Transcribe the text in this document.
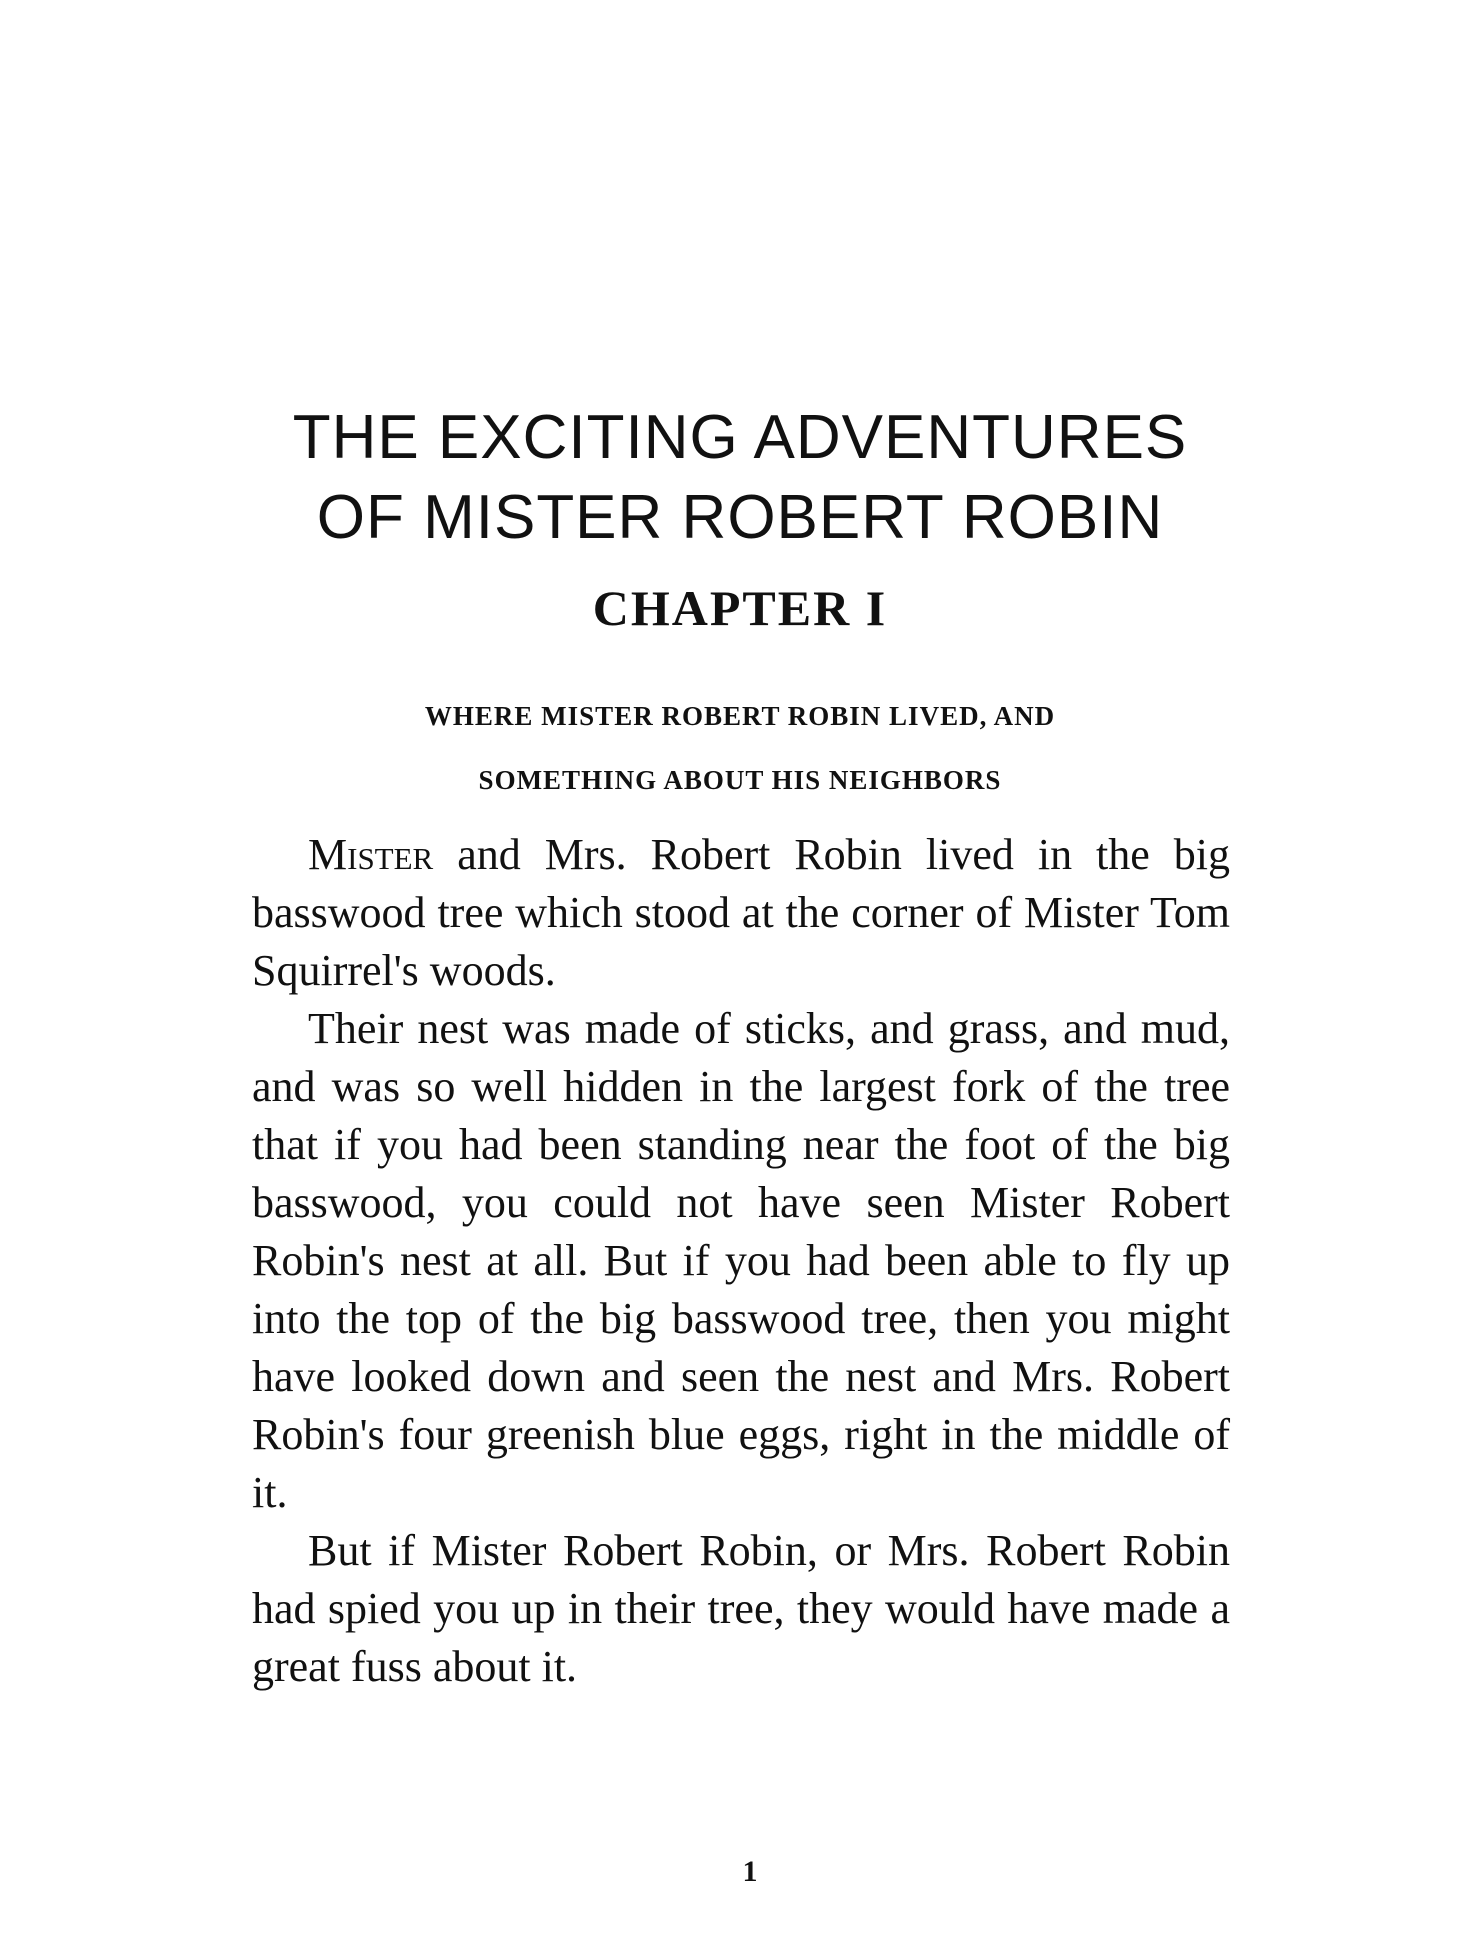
THE EXCITING ADVENTURES
OF MISTER ROBERT ROBIN
CHAPTER I
WHERE MISTER ROBERT ROBIN LIVED, AND
SOMETHING ABOUT HIS NEIGHBORS

Mister and Mrs. Robert Robin lived in the big basswood tree which stood at the corner of Mister Tom Squirrel's woods.

Their nest was made of sticks, and grass, and mud, and was so well hidden in the largest fork of the tree that if you had been standing near the foot of the big basswood, you could not have seen Mister Robert Robin's nest at all. But if you had been able to fly up into the top of the big basswood tree, then you might have looked down and seen the nest and Mrs. Robert Robin's four greenish blue eggs, right in the middle of it.

But if Mister Robert Robin, or Mrs. Robert Robin had spied you up in their tree, they would have made a great fuss about it.

1
